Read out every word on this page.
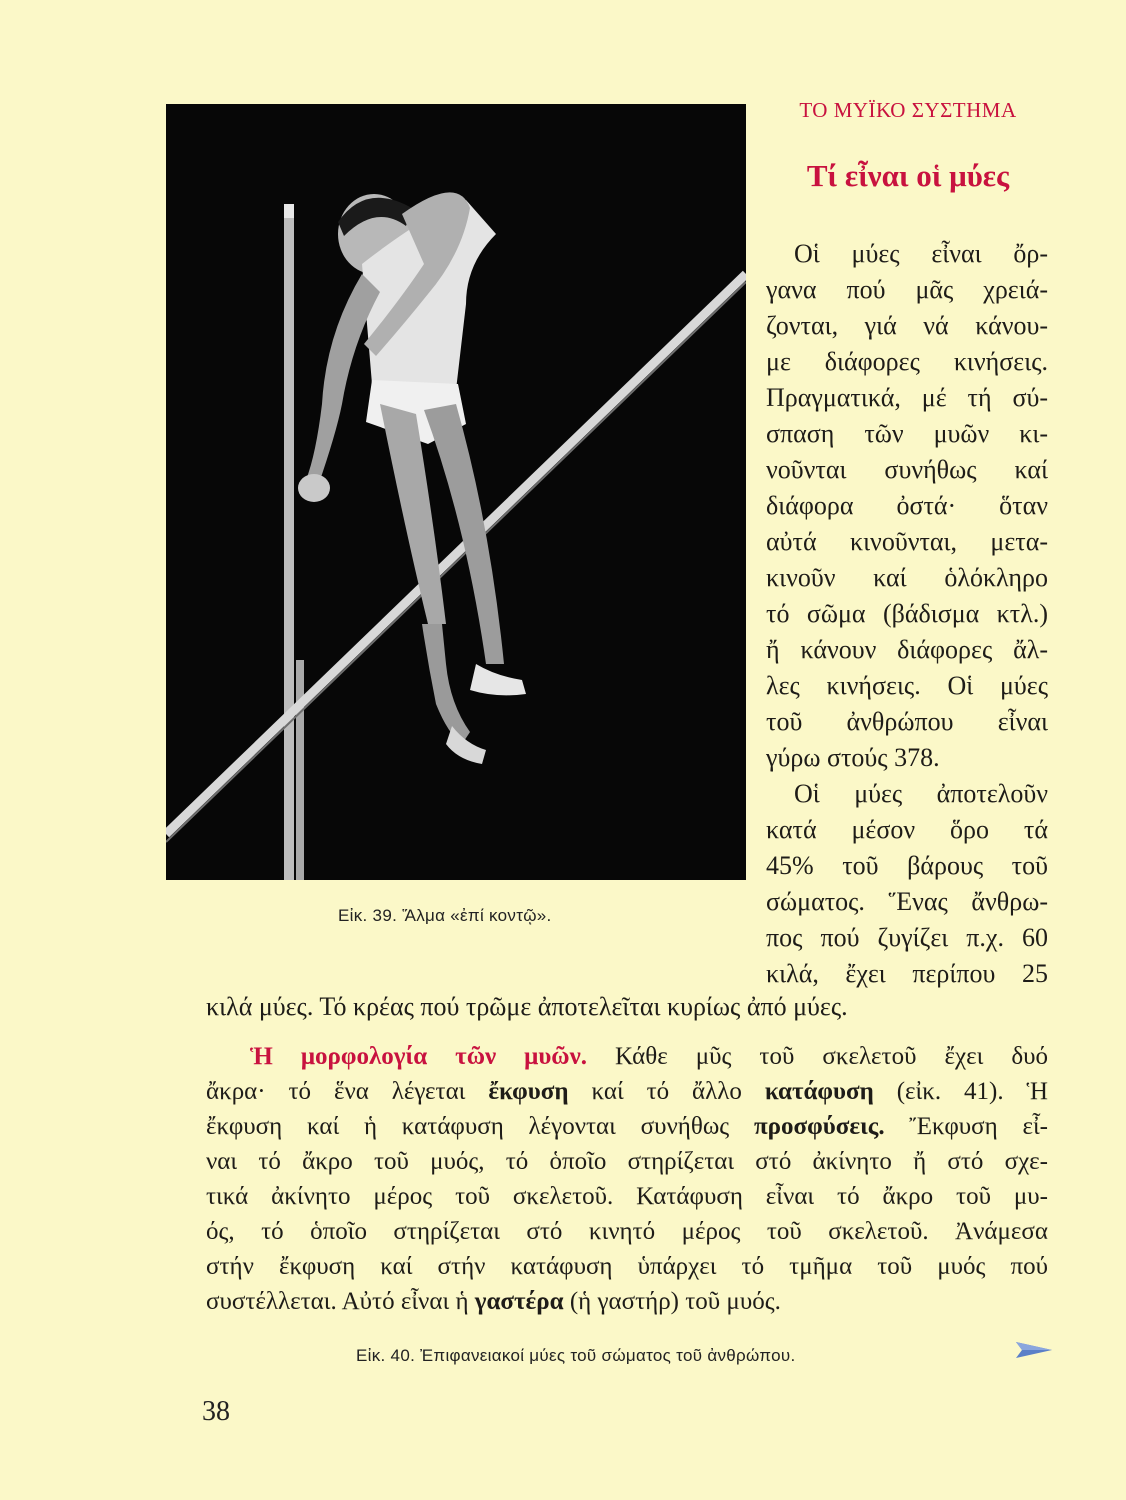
Εἰκ. 39. Ἅλμα «ἐπί κοντῷ».
ΤΟ ΜΥΪΚΟ ΣΥΣΤΗΜΑ
Τί εἶναι οἱ μύες
Οἱ μύες εἶναι ὄρ-
γανα πού μᾶς χρειά-
ζονται, γιά νά κάνου-
με διάφορες κινήσεις.
Πραγματικά, μέ τή σύ-
σπαση τῶν μυῶν κι-
νοῦνται συνήθως καί
διάφορα ὀστά· ὅταν
αὐτά κινοῦνται, μετα-
κινοῦν καί ὁλόκληρο
τό σῶμα (βάδισμα κτλ.)
ἤ κάνουν διάφορες ἄλ-
λες κινήσεις. Οἱ μύες
τοῦ ἀνθρώπου εἶναι
γύρω στούς 378.
Οἱ μύες ἀποτελοῦν
κατά μέσον ὅρο τά
45% τοῦ βάρους τοῦ
σώματος. Ἕνας ἄνθρω-
πος πού ζυγίζει π.χ. 60
κιλά, ἔχει περίπου 25
κιλά μύες. Τό κρέας πού τρῶμε ἀποτελεῖται κυρίως ἀπό μύες.
Ἡ μορφολογία τῶν μυῶν. Κάθε μῦς τοῦ σκελετοῦ ἔχει δυό
ἄκρα· τό ἕνα λέγεται ἔκφυση καί τό ἄλλο κατάφυση (εἰκ. 41). Ἡ
ἔκφυση καί ἡ κατάφυση λέγονται συνήθως προσφύσεις. Ἔκφυση εἶ-
ναι τό ἄκρο τοῦ μυός, τό ὁποῖο στηρίζεται στό ἀκίνητο ἤ στό σχε-
τικά ἀκίνητο μέρος τοῦ σκελετοῦ. Κατάφυση εἶναι τό ἄκρο τοῦ μυ-
ός, τό ὁποῖο στηρίζεται στό κινητό μέρος τοῦ σκελετοῦ. Ἀνάμεσα
στήν ἔκφυση καί στήν κατάφυση ὑπάρχει τό τμῆμα τοῦ μυός πού
συστέλλεται. Αὐτό εἶναι ἡ γαστέρα (ἡ γαστήρ) τοῦ μυός.
Εἰκ. 40. Ἐπιφανειακοί μύες τοῦ σώματος τοῦ ἀνθρώπου.
38
